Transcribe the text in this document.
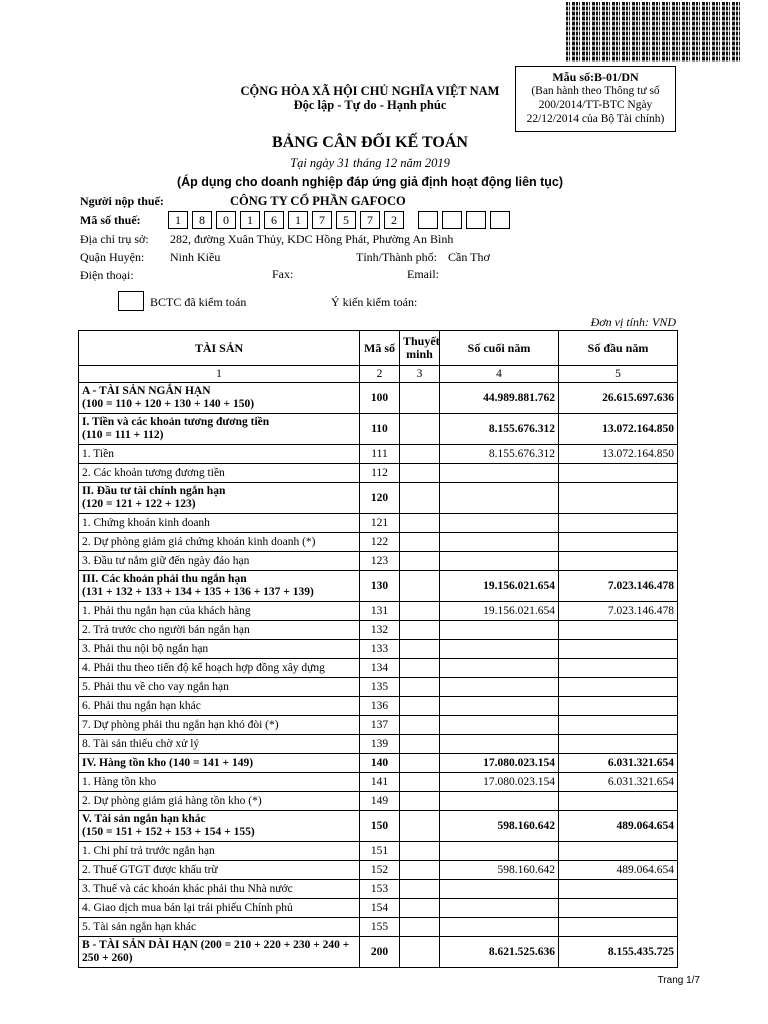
Mẫu số:B-01/DN
(Ban hành theo Thông tư số
200/2014/TT-BTC Ngày
22/12/2014 của Bộ Tài chính)
CỘNG HÒA XÃ HỘI CHỦ NGHĨA VIỆT NAM
Độc lập - Tự do - Hạnh phúc
BẢNG CÂN ĐỐI KẾ TOÁN
Tại ngày 31 tháng 12 năm 2019
(Áp dụng cho doanh nghiệp đáp ứng giả định hoạt động liên tục)
Người nộp thuế:	CÔNG TY CỔ PHẦN GAFOCO
Mã số thuế:	1	8	0	1	6	1	7	5	7	2
Địa chỉ trụ sở: 282, đường Xuân Thủy, KDC Hồng Phát, Phường An Bình
Quận Huyện: Ninh Kiều	Tỉnh/Thành phố: Cần Thơ
Điện thoại:	Fax:	Email:
BCTC đã kiểm toán	Ý kiến kiểm toán:
Đơn vị tính: VND
TÀI SẢN	Mã số	Thuyết minh	Số cuối năm	Số đầu năm
1	2	3	4	5

A - TÀI SẢN NGẮN HẠN
(100 = 110 + 120 + 130 + 140 + 150)	100		44.989.881.762	26.615.697.636

I. Tiền và các khoản tương đương tiền
(110 = 111 + 112)	110		8.155.676.312	13.072.164.850

1. Tiền	111		8.155.676.312	13.072.164.850

2. Các khoản tương đương tiền	112			

II. Đầu tư tài chính ngắn hạn
(120 = 121 + 122 + 123)	120			

1. Chứng khoán kinh doanh	121			

2. Dự phòng giảm giá chứng khoán kinh doanh (*)	122			

3. Đầu tư nắm giữ đến ngày đáo hạn	123			

III. Các khoản phải thu ngắn hạn
(131 + 132 + 133 + 134 + 135 + 136 + 137 + 139)	130		19.156.021.654	7.023.146.478

1. Phải thu ngắn hạn của khách hàng	131		19.156.021.654	7.023.146.478

2. Trả trước cho người bán ngắn hạn	132			

3. Phải thu nội bộ ngắn hạn	133			

4. Phải thu theo tiến độ kế hoạch hợp đồng xây dựng	134			

5. Phải thu về cho vay ngắn hạn	135			

6. Phải thu ngắn hạn khác	136			

7. Dự phòng phải thu ngắn hạn khó đòi (*)	137			

8. Tài sản thiếu chờ xử lý	139			

IV. Hàng tồn kho (140 = 141 + 149)	140		17.080.023.154	6.031.321.654

1. Hàng tồn kho	141		17.080.023.154	6.031.321.654

2. Dự phòng giảm giá hàng tồn kho (*)	149			

V. Tài sản ngắn hạn khác
(150 = 151 + 152 + 153 + 154 + 155)	150		598.160.642	489.064.654

1. Chi phí trả trước ngắn hạn	151			

2. Thuế GTGT được khấu trừ	152		598.160.642	489.064.654

3. Thuế và các khoản khác phải thu Nhà nước	153			

4. Giao dịch mua bán lại trái phiếu Chính phủ	154			

5. Tài sản ngắn hạn khác	155			

B - TÀI SẢN DÀI HẠN (200 = 210 + 220 + 230 + 240 +
250 + 260)	200		8.621.525.636	8.155.435.725
Trang 1/7
